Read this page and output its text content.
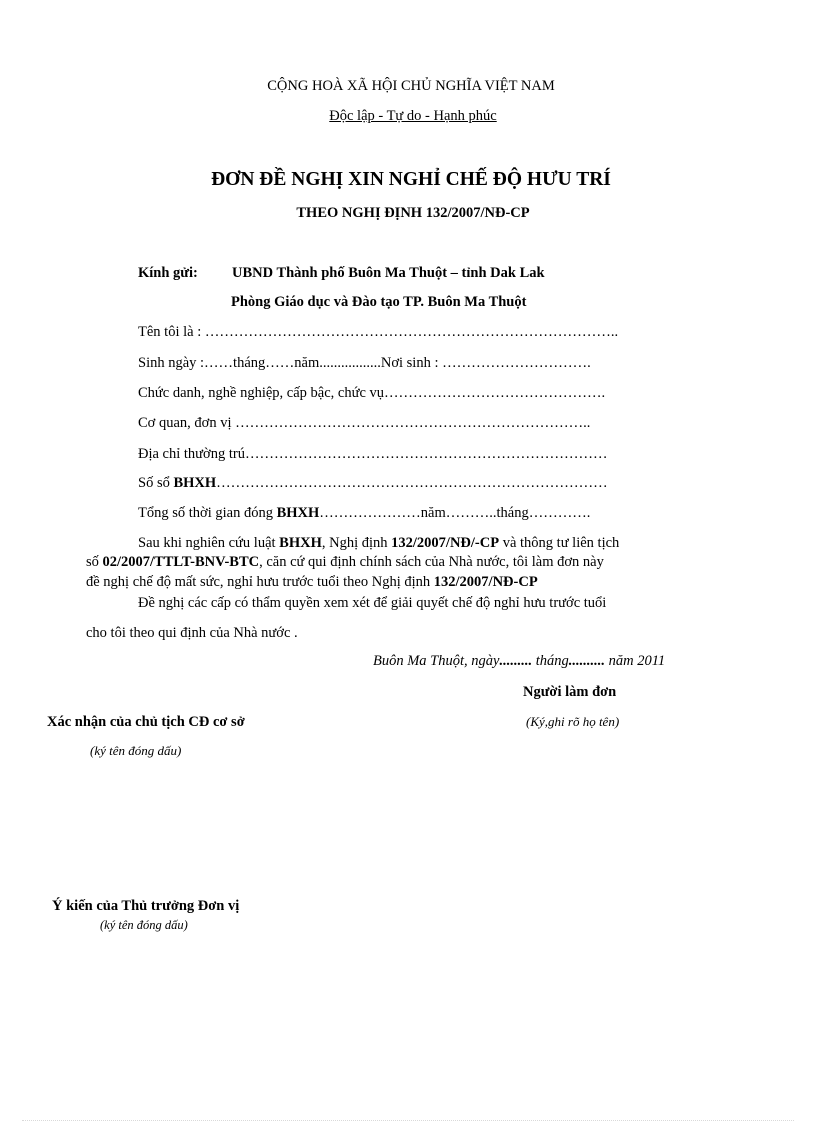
CỘNG HOÀ XÃ HỘI CHỦ NGHĨA VIỆT NAM
Độc lập - Tự do - Hạnh phúc
ĐƠN ĐỀ NGHỊ XIN NGHỈ CHẾ ĐỘ HƯU TRÍ
THEO NGHỊ ĐỊNH 132/2007/NĐ-CP
Kính gửi: UBND Thành phố Buôn Ma Thuột – tỉnh Dak Lak
Phòng Giáo dục và Đào tạo TP. Buôn Ma Thuột
Tên tôi là : …………………………………………………………………………..
Sinh ngày :……tháng……năm.................Nơi sinh : ………………………….
Chức danh, nghề nghiệp, cấp bậc, chức vụ……………………………………….
Cơ quan, đơn vị ………………………………………………………………..
Địa chỉ thường trú…………………………………………………………………
Số sổ BHXH………………………………………………………………………
Tổng số thời gian đóng BHXH…………………năm………..tháng………….
Sau khi nghiên cứu luật BHXH, Nghị định 132/2007/NĐ/-CP và thông tư liên tịch
số 02/2007/TTLT-BNV-BTC, căn cứ qui định chính sách của Nhà nước, tôi làm đơn này
đề nghị chế độ mất sức, nghỉ hưu trước tuổi theo Nghị định 132/2007/NĐ-CP
Đề nghị các cấp có thẩm quyền xem xét để giải quyết chế độ nghỉ hưu trước tuổi
cho tôi theo qui định của Nhà nước .
Buôn Ma Thuột, ngày......... tháng.......... năm 2011
Người làm đơn
(Ký,ghi rõ họ tên)
Xác nhận của chủ tịch CĐ cơ sở
(ký tên đóng dấu)
Ý kiến của Thủ trưởng Đơn vị
(ký tên đóng dấu)
